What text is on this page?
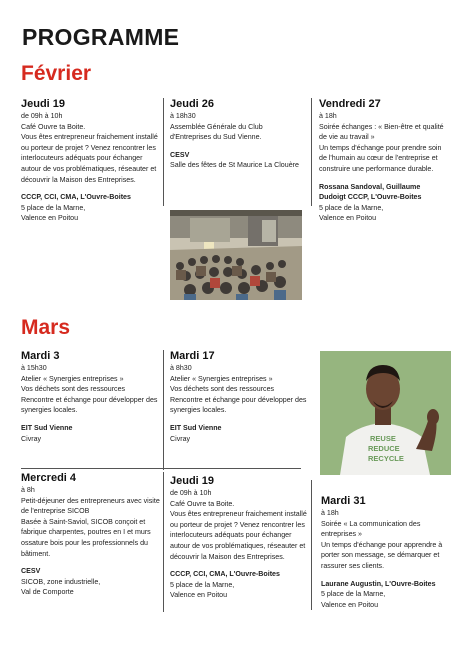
PROGRAMME
Février
Jeudi 19
de 09h à 10h

Café Ouvre ta Boite.

Vous êtes entrepreneur fraichement installé ou porteur de projet ? Venez rencontrer les interlocuteurs adéquats pour échanger autour de vos problématiques, réseauter et découvrir la Maison des Entreprises.

CCCP, CCI, CMA, L'Ouvre-Boites

5 place de la Marne,

Valence en Poitou

Jeudi 26
à 18h30

Assemblée Générale du Club d'Entreprises du Sud Vienne.

CESV

Salle des fêtes de St Maurice La Clouère

Vendredi 27
à 18h

Soirée échanges : « Bien-être et qualité de vie au travail »

Un temps d'échange pour prendre soin de l'humain au cœur de l'entreprise et construire une performance durable.

Rossana Sandoval, Guillaume Dudoigt CCCP, L'Ouvre-Boites

5 place de la Marne,

Valence en Poitou

Mars
Mardi 3
à 15h30

Atelier « Synergies entreprises »

Vos déchets sont des ressources

Rencontre et échange pour développer des synergies locales.

EIT Sud Vienne

Civray

Mardi 17
à 8h30

Atelier « Synergies entreprises »

Vos déchets sont des ressources

Rencontre et échange pour développer des synergies locales.

EIT Sud Vienne

Civray	REUSE
REDUCE
RECYCLE
Mercredi 4
à 8h

Petit-déjeuner des entrepreneurs avec visite de l'entreprise SICOB

Basée à Saint-Saviol, SICOB conçoit et fabrique charpentes, poutres en I et murs ossature bois pour les professionnels du bâtiment.

CESV

SICOB, zone industrielle,

Val de Comporte

Jeudi 19
de 09h à 10h

Café Ouvre ta Boite.

Vous êtes entrepreneur fraichement installé ou porteur de projet ? Venez rencontrer les interlocuteurs adéquats pour échanger autour de vos problématiques, réseauter et découvrir la Maison des Entreprises.

CCCP, CCI, CMA, L'Ouvre-Boites

5 place de la Marne,

Valence en Poitou

Mardi 31
à 18h

Soirée « La communication des entreprises »

Un temps d'échange pour apprendre à porter son message, se démarquer et rassurer ses clients.

Laurane Augustin, L'Ouvre-Boites

5 place de la Marne,

Valence en Poitou
